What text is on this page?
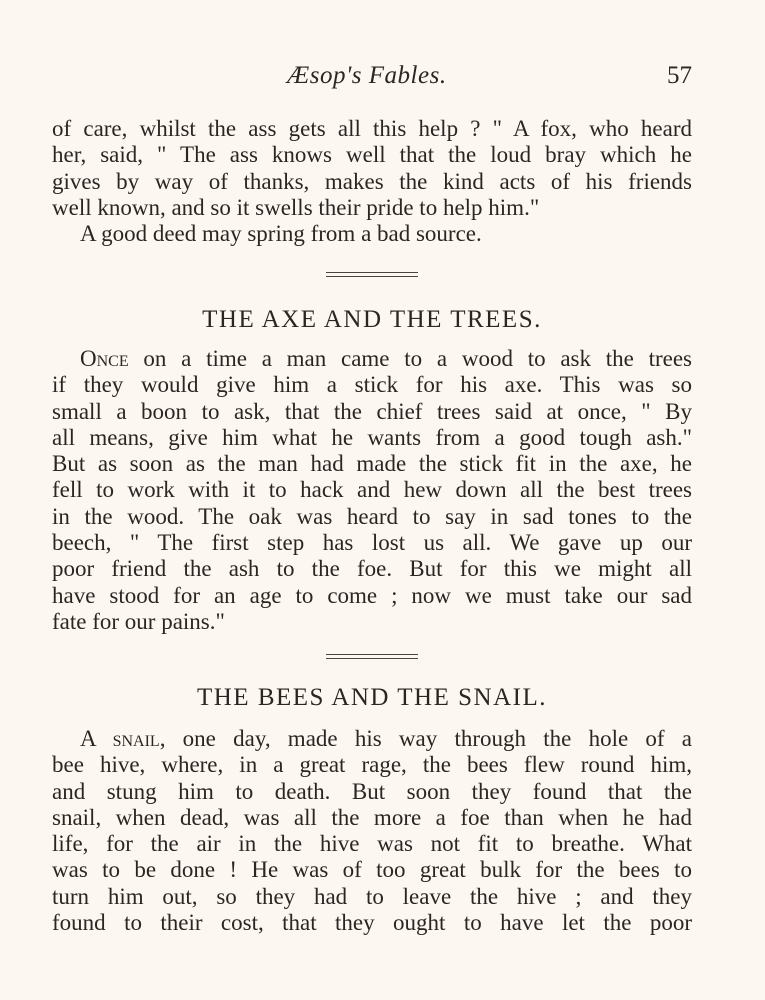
Æsop's Fables.	57
of care, whilst the ass gets all this help ? " A fox, who heard
her, said, " The ass knows well that the loud bray which he
gives by way of thanks, makes the kind acts of his friends
well known, and so it swells their pride to help him."
A good deed may spring from a bad source.
THE AXE AND THE TREES.
Once on a time a man came to a wood to ask the trees
if they would give him a stick for his axe. This was so
small a boon to ask, that the chief trees said at once, " By
all means, give him what he wants from a good tough ash."
But as soon as the man had made the stick fit in the axe, he
fell to work with it to hack and hew down all the best trees
in the wood. The oak was heard to say in sad tones to the
beech, " The first step has lost us all. We gave up our
poor friend the ash to the foe. But for this we might all
have stood for an age to come ; now we must take our sad
fate for our pains."
THE BEES AND THE SNAIL.
A snail, one day, made his way through the hole of a
bee hive, where, in a great rage, the bees flew round him,
and stung him to death. But soon they found that the
snail, when dead, was all the more a foe than when he had
life, for the air in the hive was not fit to breathe. What
was to be done ! He was of too great bulk for the bees to
turn him out, so they had to leave the hive ; and they
found to their cost, that they ought to have let the poor
